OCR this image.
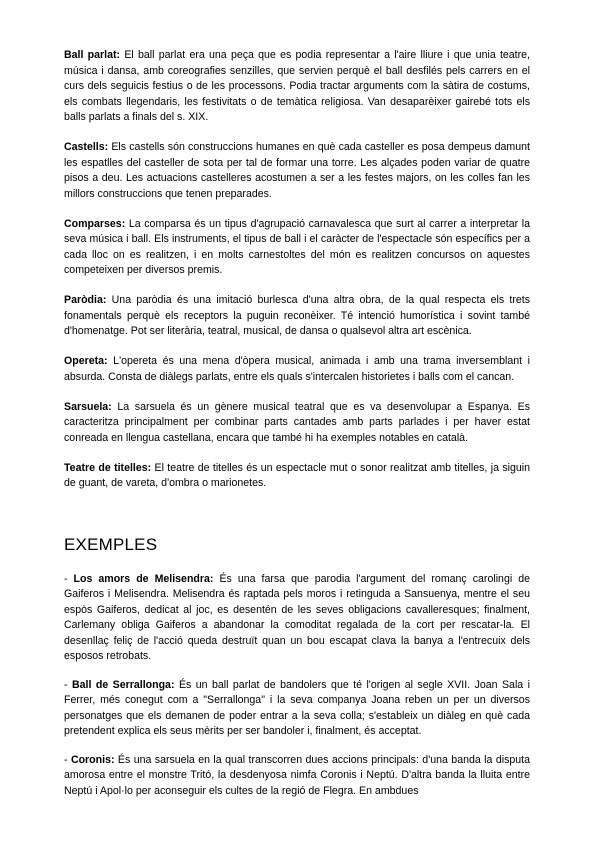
Ball parlat: El ball parlat era una peça que es podia representar a l'aire lliure i que unia teatre, música i dansa, amb coreografies senzilles, que servien perquè el ball desfilés pels carrers en el curs dels seguicis festius o de les processons. Podia tractar arguments com la sàtira de costums, els combats llegendaris, les festivitats o de temàtica religiosa. Van desaparèixer gairebé tots els balls parlats a finals del s. XIX.

Castells: Els castells són construccions humanes en què cada casteller es posa dempeus damunt les espatlles del casteller de sota per tal de formar una torre. Les alçades poden variar de quatre pisos a deu. Les actuacions castelleres acostumen a ser a les festes majors, on les colles fan les millors construccions que tenen preparades.

Comparses: La comparsa és un tipus d'agrupació carnavalesca que surt al carrer a interpretar la seva música i ball. Els instruments, el tipus de ball i el caràcter de l'espectacle són específics per a cada lloc on es realitzen, i en molts carnestoltes del món es realitzen concursos on aquestes competeixen per diversos premis.

Paròdia: Una paròdia és una imitació burlesca d'una altra obra, de la qual respecta els trets fonamentals perquè els receptors la puguin reconèixer. Té intenció humorística i sovint també d'homenatge. Pot ser literària, teatral, musical, de dansa o qualsevol altra art escènica.

Opereta: L'opereta és una mena d'òpera musical, animada i amb una trama inversemblant i absurda. Consta de diàlegs parlats, entre els quals s'intercalen historietes i balls com el cancan.

Sarsuela: La sarsuela és un gènere musical teatral que es va desenvolupar a Espanya. Es caracteritza principalment per combinar parts cantades amb parts parlades i per haver estat conreada en llengua castellana, encara que també hi ha exemples notables en català.

Teatre de titelles: El teatre de titelles és un espectacle mut o sonor realitzat amb titelles, ja siguin de guant, de vareta, d'ombra o marionetes.

EXEMPLES

- Los amors de Melisendra: És una farsa que parodia l'argument del romanç carolingi de Gaiferos i Melisendra. Melisendra és raptada pels moros i retinguda a Sansuenya, mentre el seu espòs Gaiferos, dedicat al joc, es desentén de les seves obligacions cavalleresques; finalment, Carlemany obliga Gaiferos a abandonar la comoditat regalada de la cort per rescatar-la. El desenllaç feliç de l'acció queda destruït quan un bou escapat clava la banya a l'entrecuix dels esposos retrobats.

- Ball de Serrallonga: És un ball parlat de bandolers que té l'origen al segle XVII. Joan Sala i Ferrer, més conegut com a "Serrallonga" i la seva companya Joana reben un per un diversos personatges que els demanen de poder entrar a la seva colla; s'estableix un diàleg en què cada pretendent explica els seus mèrits per ser bandoler i, finalment, és acceptat.

- Coronis: És una sarsuela en la qual transcorren dues accions principals: d'una banda la disputa amorosa entre el monstre Tritó, la desdenyosa nimfa Coronis i Neptú. D'altra banda la lluita entre Neptú i Apol·lo per aconseguir els cultes de la regió de Flegra. En ambdues
